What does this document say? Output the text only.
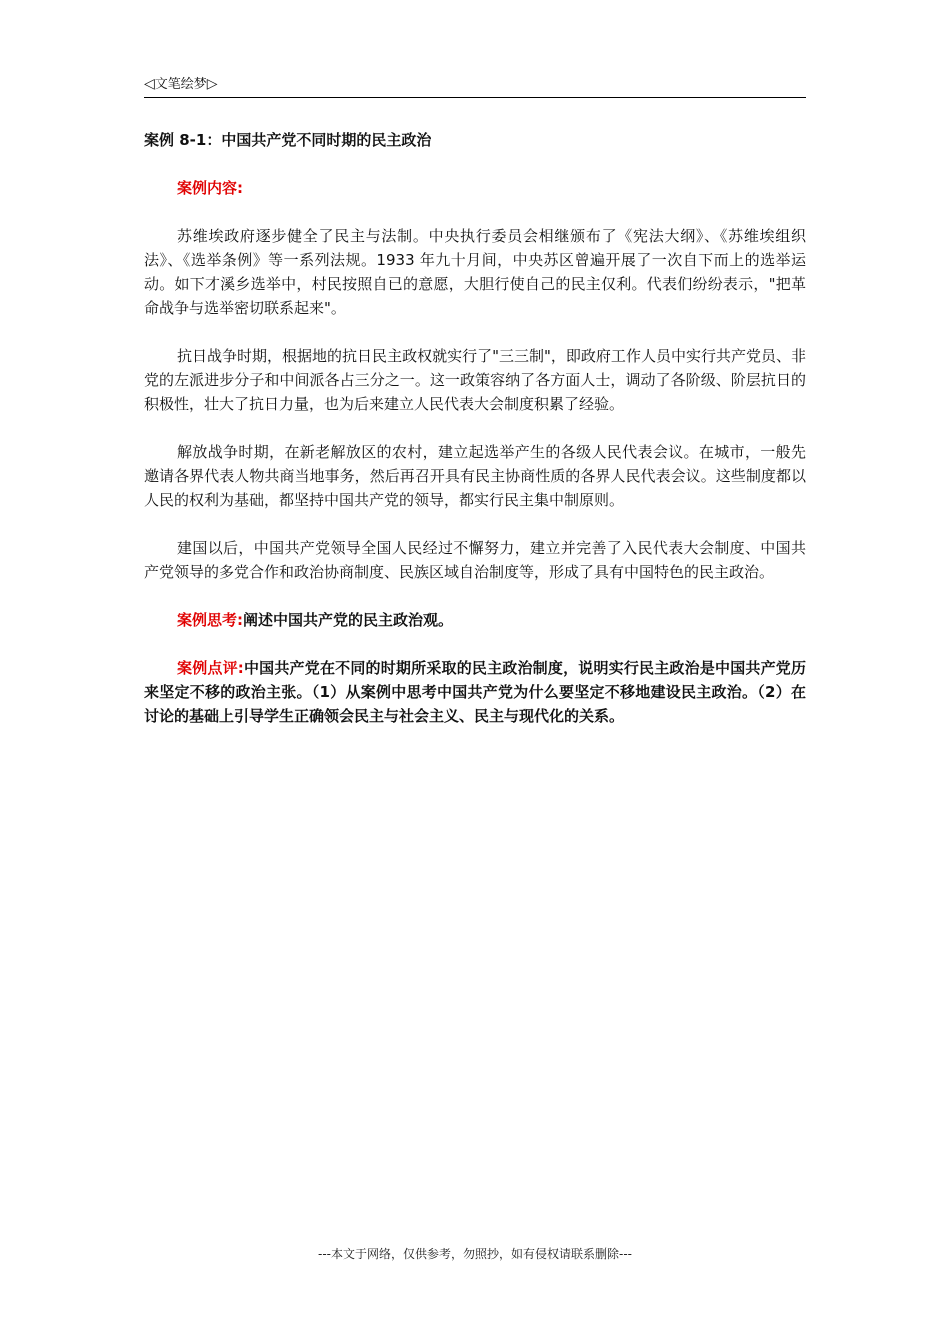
◁文笔绘梦▷

案例 8-1：中国共产党不同时期的民主政治

案例内容:

苏维埃政府逐步健全了民主与法制。中央执行委员会相继颁布了《宪法大纲》、《苏维埃组织法》、《选举条例》等一系列法规。1933 年九十月间，中央苏区曾遍开展了一次自下而上的选举运动。如下才溪乡选举中，村民按照自已的意愿，大胆行使自己的民主仅利。代表们纷纷表示，"把革命战争与选举密切联系起来"。

抗日战争时期，根据地的抗日民主政权就实行了"三三制"，即政府工作人员中实行共产党员、非党的左派进步分子和中间派各占三分之一。这一政策容纳了各方面人士，调动了各阶级、阶层抗日的积极性，壮大了抗日力量，也为后来建立人民代表大会制度积累了经验。

解放战争时期，在新老解放区的农村，建立起选举产生的各级人民代表会议。在城市，一般先邀请各界代表人物共商当地事务，然后再召开具有民主协商性质的各界人民代表会议。这些制度都以人民的权利为基础，都坚持中国共产党的领导，都实行民主集中制原则。

建国以后，中国共产党领导全国人民经过不懈努力，建立并完善了入民代表大会制度、中国共产党领导的多党合作和政治协商制度、民族区域自治制度等，形成了具有中国特色的民主政治。

案例思考:阐述中国共产党的民主政治观。

案例点评:中国共产党在不同的时期所采取的民主政治制度，说明实行民主政治是中国共产党历来坚定不移的政治主张。（1）从案例中思考中国共产党为什么要坚定不移地建设民主政治。（2）在讨论的基础上引导学生正确领会民主与社会主义、民主与现代化的关系。

---本文于网络，仅供参考，勿照抄，如有侵权请联系删除---
